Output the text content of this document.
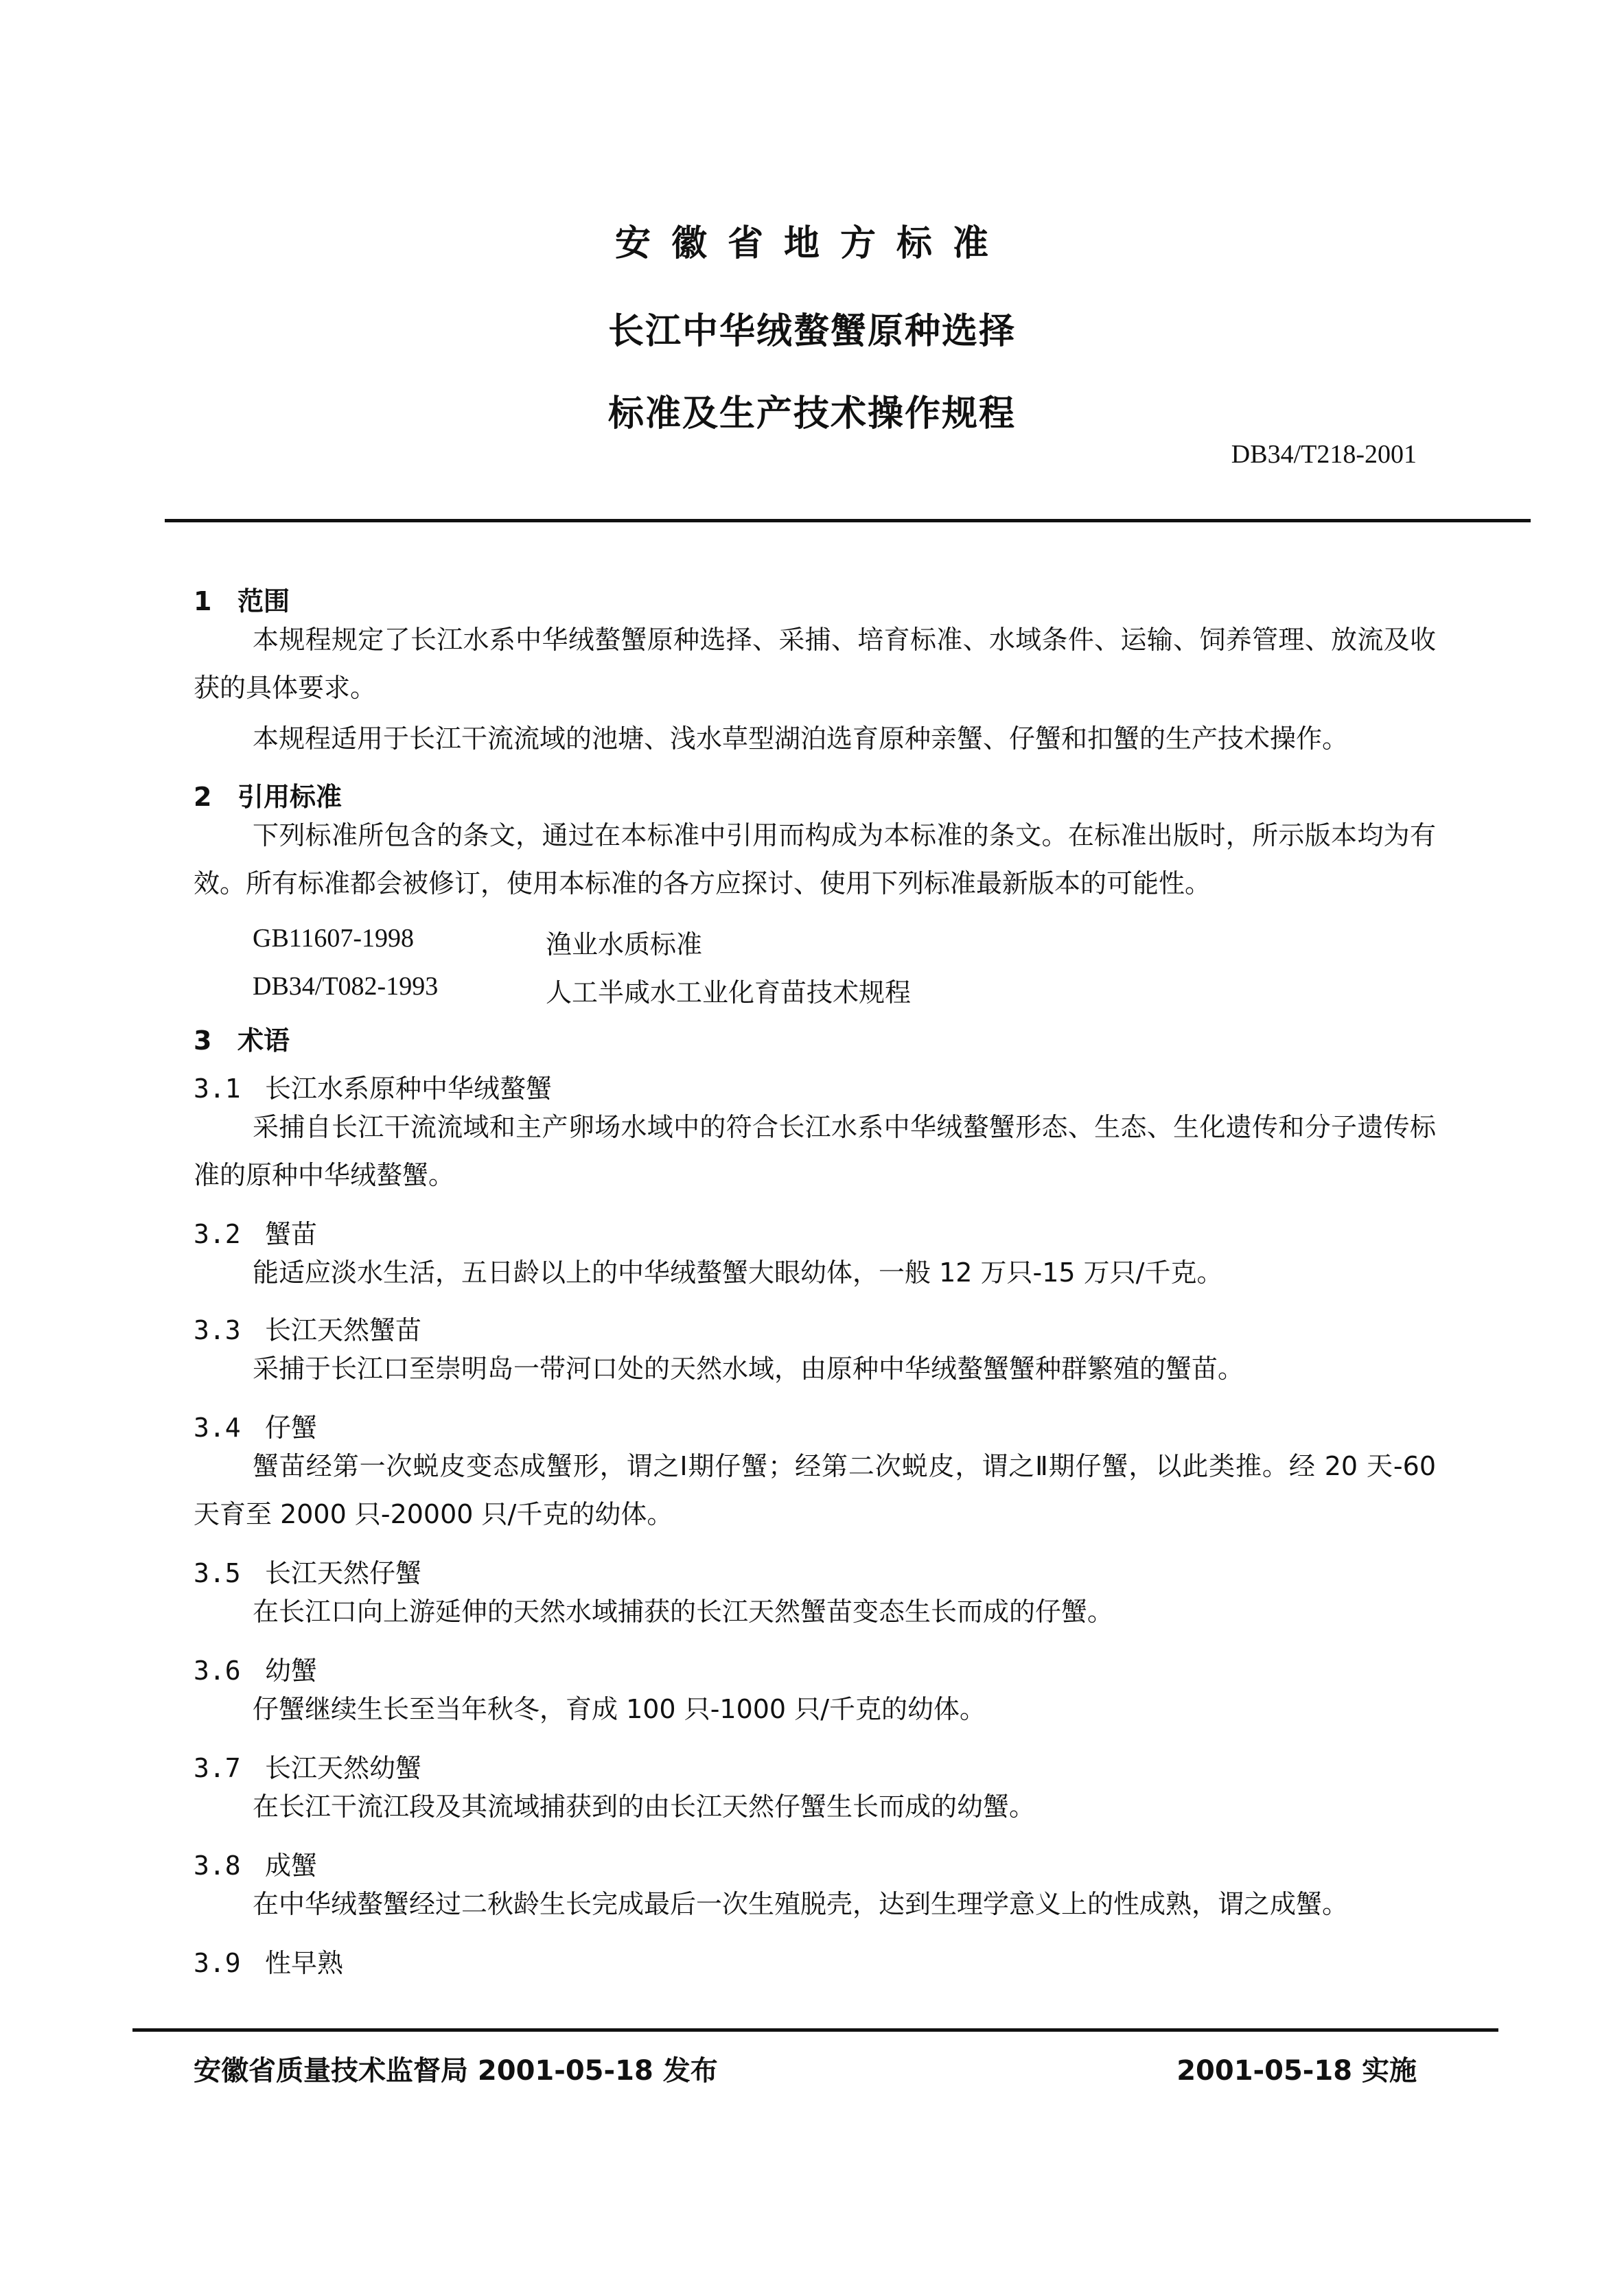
安徽省地方标准
长江中华绒螯蟹原种选择
标准及生产技术操作规程
DB34/T218-2001
1 范围
本规程规定了长江水系中华绒螯蟹原种选择、采捕、培育标准、水域条件、运输、饲养管理、放流及收获的具体要求。
本规程适用于长江干流流域的池塘、浅水草型湖泊选育原种亲蟹、仔蟹和扣蟹的生产技术操作。
2 引用标准
下列标准所包含的条文，通过在本标准中引用而构成为本标准的条文。在标准出版时，所示版本均为有效。所有标准都会被修订，使用本标准的各方应探讨、使用下列标准最新版本的可能性。
GB11607-1998	渔业水质标准
DB34/T082-1993	人工半咸水工业化育苗技术规程
3 术语
3.1 长江水系原种中华绒螯蟹
采捕自长江干流流域和主产卵场水域中的符合长江水系中华绒螯蟹形态、生态、生化遗传和分子遗传标准的原种中华绒螯蟹。
3.2 蟹苗
能适应淡水生活，五日龄以上的中华绒螯蟹大眼幼体，一般 12 万只-15 万只/千克。
3.3 长江天然蟹苗
采捕于长江口至崇明岛一带河口处的天然水域，由原种中华绒螯蟹蟹种群繁殖的蟹苗。
3.4 仔蟹
蟹苗经第一次蜕皮变态成蟹形，谓之Ⅰ期仔蟹；经第二次蜕皮，谓之Ⅱ期仔蟹，以此类推。经 20 天-60 天育至 2000 只-20000 只/千克的幼体。
3.5 长江天然仔蟹
在长江口向上游延伸的天然水域捕获的长江天然蟹苗变态生长而成的仔蟹。
3.6 幼蟹
仔蟹继续生长至当年秋冬，育成 100 只-1000 只/千克的幼体。
3.7 长江天然幼蟹
在长江干流江段及其流域捕获到的由长江天然仔蟹生长而成的幼蟹。
3.8 成蟹
在中华绒螯蟹经过二秋龄生长完成最后一次生殖脱壳，达到生理学意义上的性成熟，谓之成蟹。
3.9 性早熟
安徽省质量技术监督局 2001-05-18 发布	2001-05-18 实施
